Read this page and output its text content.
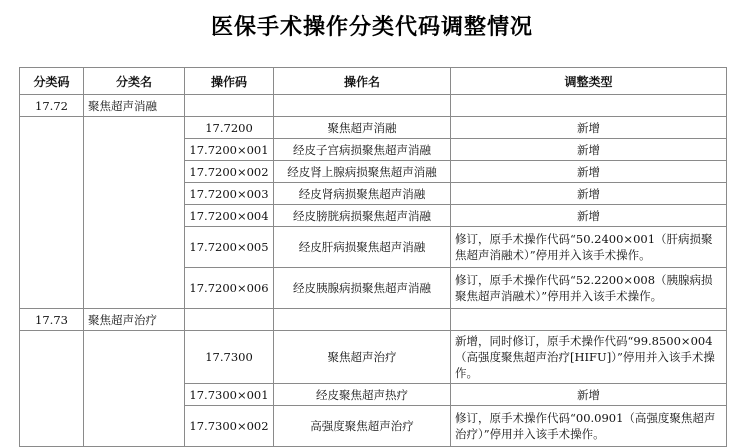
医保手术操作分类代码调整情况
分类码	分类名	操作码	操作名	调整类型
17.72	聚焦超声消融			
		17.7200	聚焦超声消融	新增
		17.7200×001	经皮子宫病损聚焦超声消融	新增
		17.7200×002	经皮肾上腺病损聚焦超声消融	新增
		17.7200×003	经皮肾病损聚焦超声消融	新增
		17.7200×004	经皮膀胱病损聚焦超声消融	新增
		17.7200×005	经皮肝病损聚焦超声消融	修订，原手术操作代码“50.2400×001（肝病损聚焦超声消融术）”停用并入该手术操作。
		17.7200×006	经皮胰腺病损聚焦超声消融	修订，原手术操作代码“52.2200×008（胰腺病损聚焦超声消融术）”停用并入该手术操作。
17.73	聚焦超声治疗			
		17.7300	聚焦超声治疗	新增，同时修订，原手术操作代码“99.8500×004（高强度聚焦超声治疗[HIFU]）”停用并入该手术操作。
		17.7300×001	经皮聚焦超声热疗	新增
		17.7300×002	高强度聚焦超声治疗	修订，原手术操作代码“00.0901（高强度聚焦超声治疗）”停用并入该手术操作。
